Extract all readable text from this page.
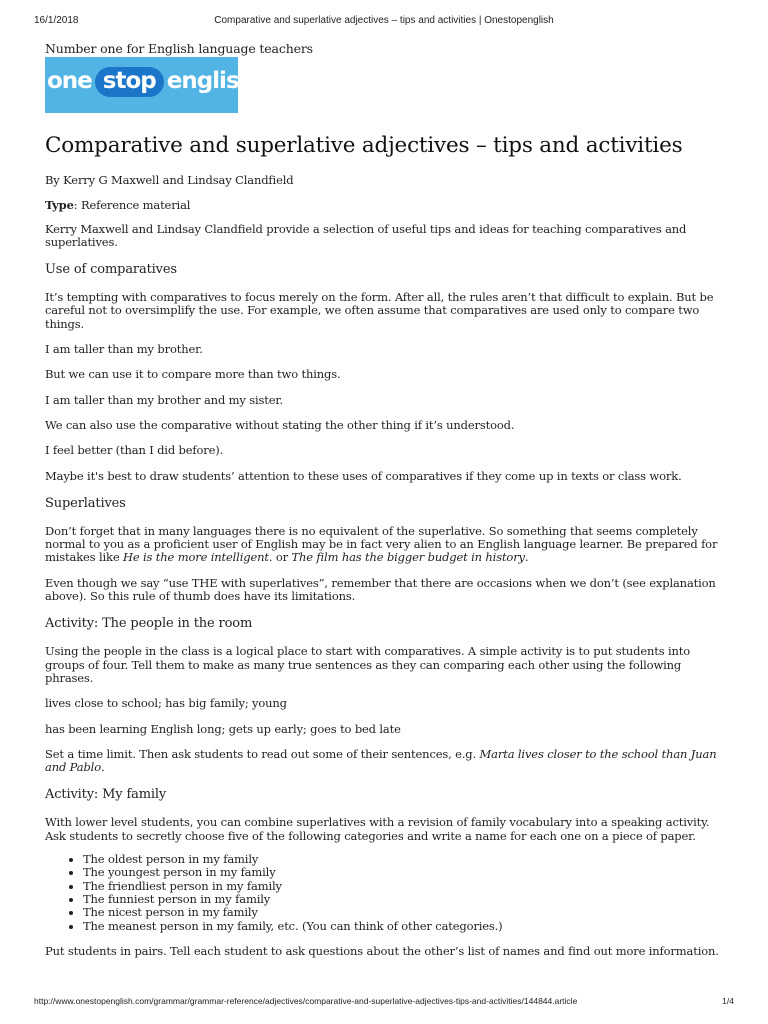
16/1/2018	Comparative and superlative adjectives – tips and activities | Onestopenglish

Number one for English language teachers

one stop english
Comparative and superlative adjectives – tips and activities

By Kerry G Maxwell and Lindsay Clandfield

Type: Reference material

Kerry Maxwell and Lindsay Clandfield provide a selection of useful tips and ideas for teaching comparatives and superlatives.

Use of comparatives

It’s tempting with comparatives to focus merely on the form. After all, the rules aren’t that difficult to explain. But be careful not to oversimplify the use. For example, we often assume that comparatives are used only to compare two things.

I am taller than my brother.

But we can use it to compare more than two things.

I am taller than my brother and my sister.

We can also use the comparative without stating the other thing if it’s understood.

I feel better (than I did before).

Maybe it's best to draw students’ attention to these uses of comparatives if they come up in texts or class work.

Superlatives

Don’t forget that in many languages there is no equivalent of the superlative. So something that seems completely normal to you as a proficient user of English may be in fact very alien to an English language learner. Be prepared for mistakes like He is the more intelligent. or The film has the bigger budget in history.

Even though we say “use THE with superlatives”, remember that there are occasions when we don’t (see explanation above). So this rule of thumb does have its limitations.

Activity: The people in the room

Using the people in the class is a logical place to start with comparatives. A simple activity is to put students into groups of four. Tell them to make as many true sentences as they can comparing each other using the following phrases.

lives close to school; has big family; young

has been learning English long; gets up early; goes to bed late

Set a time limit. Then ask students to read out some of their sentences, e.g. Marta lives closer to the school than Juan and Pablo.

Activity: My family

With lower level students, you can combine superlatives with a revision of family vocabulary into a speaking activity. Ask students to secretly choose five of the following categories and write a name for each one on a piece of paper.

• The oldest person in my family
• The youngest person in my family
• The friendliest person in my family
• The funniest person in my family
• The nicest person in my family
• The meanest person in my family, etc. (You can think of other categories.)

Put students in pairs. Tell each student to ask questions about the other’s list of names and find out more information.

http://www.onestopenglish.com/grammar/grammar-reference/adjectives/comparative-and-superlative-adjectives-tips-and-activities/144844.article	1/4
